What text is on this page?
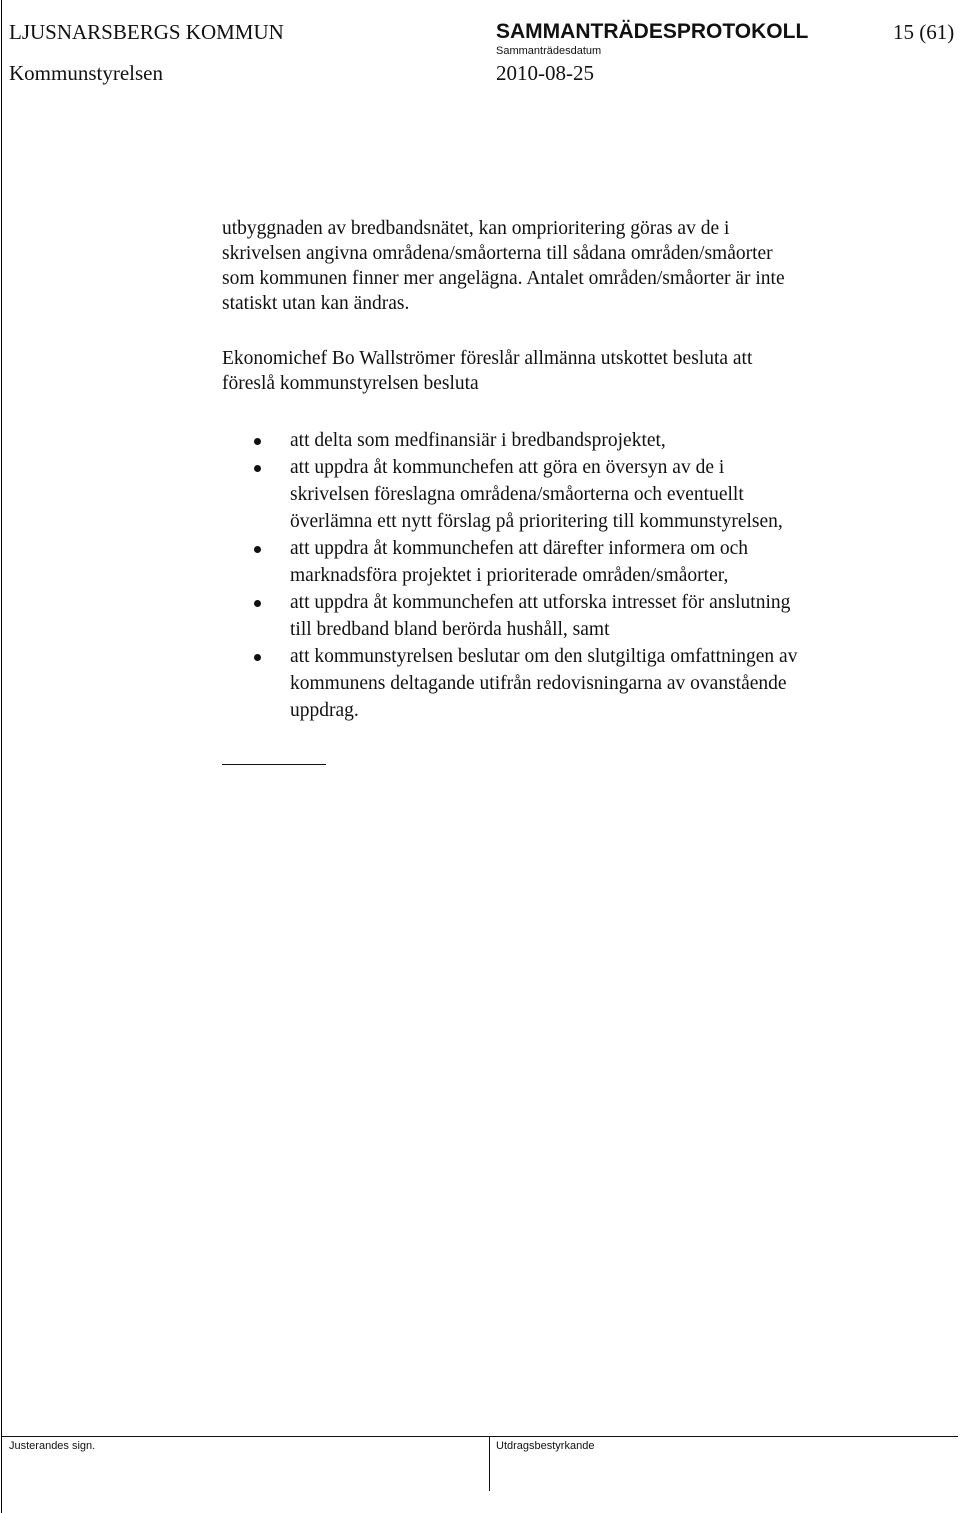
LJUSNARSBERGS KOMMUN	SAMMANTRÄDESPROTOKOLL	15 (61)
Sammanträdesdatum
Kommunstyrelsen	2010-08-25
utbyggnaden av bredbandsnätet, kan omprioritering göras av de i
skrivelsen angivna områdena/småorterna till sådana områden/småorter
som kommunen finner mer angelägna. Antalet områden/småorter är inte
statiskt utan kan ändras.
Ekonomichef Bo Wallströmer föreslår allmänna utskottet besluta att
föreslå kommunstyrelsen besluta
att delta som medfinansiär i bredbandsprojektet,
att uppdra åt kommunchefen att göra en översyn av de i
skrivelsen föreslagna områdena/småorterna och eventuellt
överlämna ett nytt förslag på prioritering till kommunstyrelsen,
att uppdra åt kommunchefen att därefter informera om och
marknadsföra projektet i prioriterade områden/småorter,
att uppdra åt kommunchefen att utforska intresset för anslutning
till bredband bland berörda hushåll, samt
att kommunstyrelsen beslutar om den slutgiltiga omfattningen av
kommunens deltagande utifrån redovisningarna av ovanstående
uppdrag.
Justerandes sign.	Utdragsbestyrkande
